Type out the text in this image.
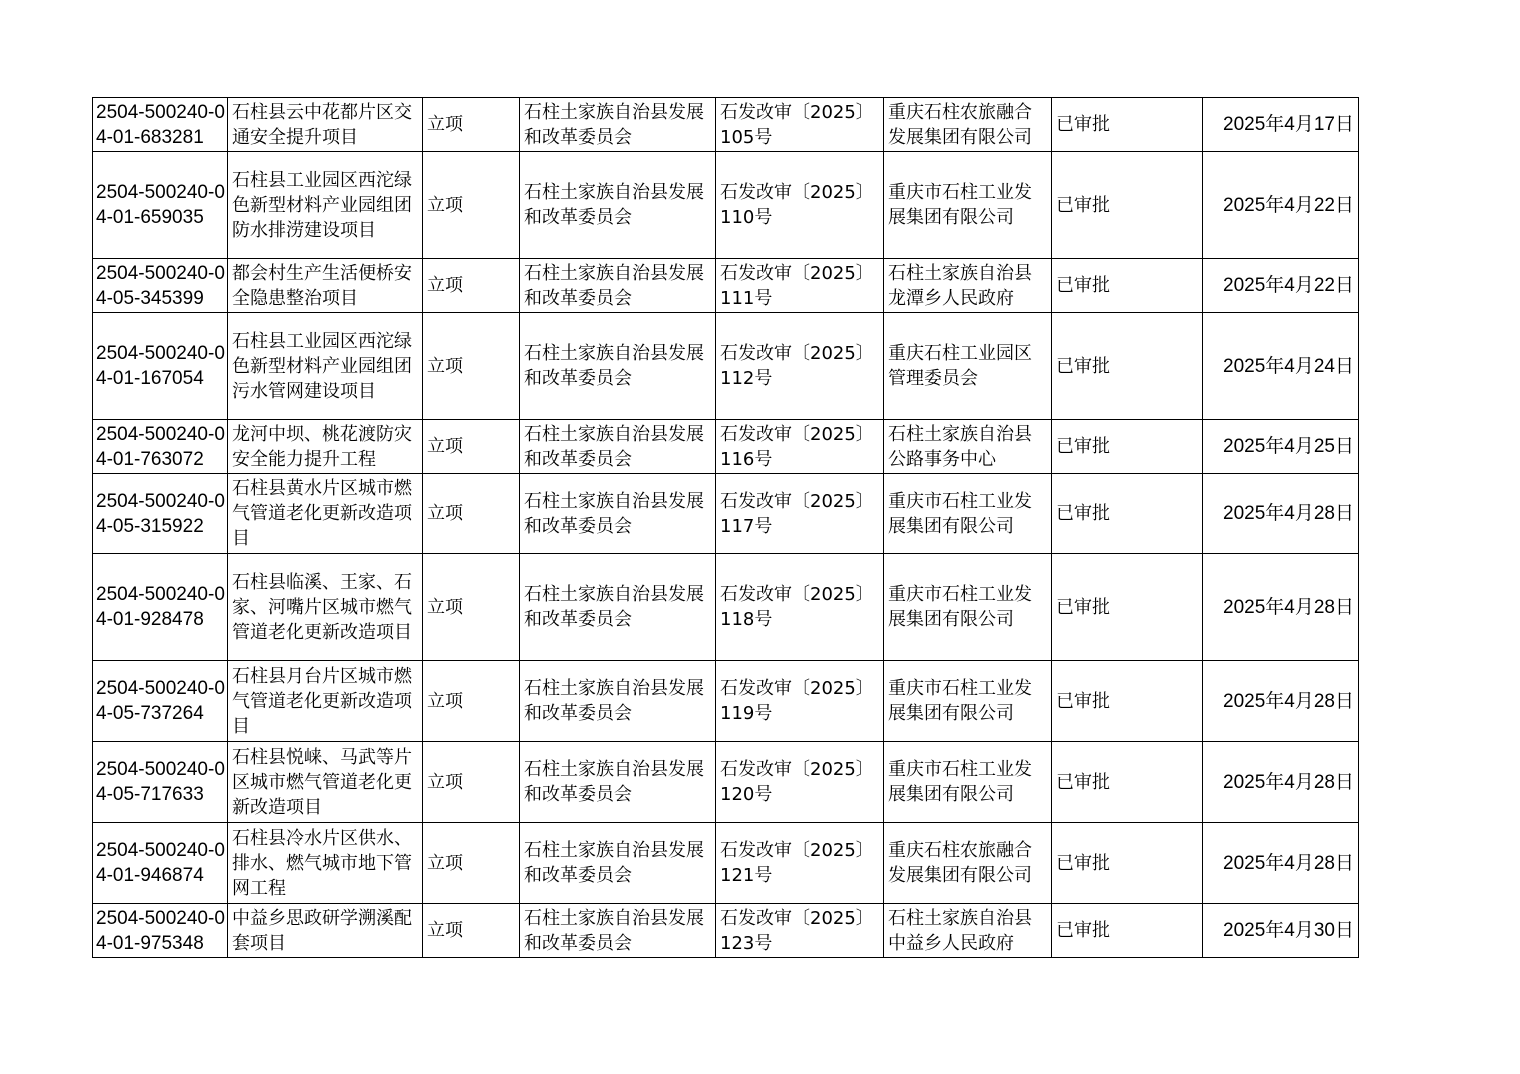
2504-500240-04-01-683281	石柱县云中花都片区交通安全提升项目	立项	石柱土家族自治县发展和改革委员会	石发改审〔2025〕105号	重庆石柱农旅融合发展集团有限公司	已审批	2025年4月17日
2504-500240-04-01-659035	石柱县工业园区西沱绿色新型材料产业园组团防水排涝建设项目	立项	石柱土家族自治县发展和改革委员会	石发改审〔2025〕110号	重庆市石柱工业发展集团有限公司	已审批	2025年4月22日
2504-500240-04-05-345399	都会村生产生活便桥安全隐患整治项目	立项	石柱土家族自治县发展和改革委员会	石发改审〔2025〕111号	石柱土家族自治县龙潭乡人民政府	已审批	2025年4月22日
2504-500240-04-01-167054	石柱县工业园区西沱绿色新型材料产业园组团污水管网建设项目	立项	石柱土家族自治县发展和改革委员会	石发改审〔2025〕112号	重庆石柱工业园区管理委员会	已审批	2025年4月24日
2504-500240-04-01-763072	龙河中坝、桃花渡防灾安全能力提升工程	立项	石柱土家族自治县发展和改革委员会	石发改审〔2025〕116号	石柱土家族自治县公路事务中心	已审批	2025年4月25日
2504-500240-04-05-315922	石柱县黄水片区城市燃气管道老化更新改造项目	立项	石柱土家族自治县发展和改革委员会	石发改审〔2025〕117号	重庆市石柱工业发展集团有限公司	已审批	2025年4月28日
2504-500240-04-01-928478	石柱县临溪、王家、石家、河嘴片区城市燃气管道老化更新改造项目	立项	石柱土家族自治县发展和改革委员会	石发改审〔2025〕118号	重庆市石柱工业发展集团有限公司	已审批	2025年4月28日
2504-500240-04-05-737264	石柱县月台片区城市燃气管道老化更新改造项目	立项	石柱土家族自治县发展和改革委员会	石发改审〔2025〕119号	重庆市石柱工业发展集团有限公司	已审批	2025年4月28日
2504-500240-04-05-717633	石柱县悦崃、马武等片区城市燃气管道老化更新改造项目	立项	石柱土家族自治县发展和改革委员会	石发改审〔2025〕120号	重庆市石柱工业发展集团有限公司	已审批	2025年4月28日
2504-500240-04-01-946874	石柱县冷水片区供水、排水、燃气城市地下管网工程	立项	石柱土家族自治县发展和改革委员会	石发改审〔2025〕121号	重庆石柱农旅融合发展集团有限公司	已审批	2025年4月28日
2504-500240-04-01-975348	中益乡思政研学溯溪配套项目	立项	石柱土家族自治县发展和改革委员会	石发改审〔2025〕123号	石柱土家族自治县中益乡人民政府	已审批	2025年4月30日
